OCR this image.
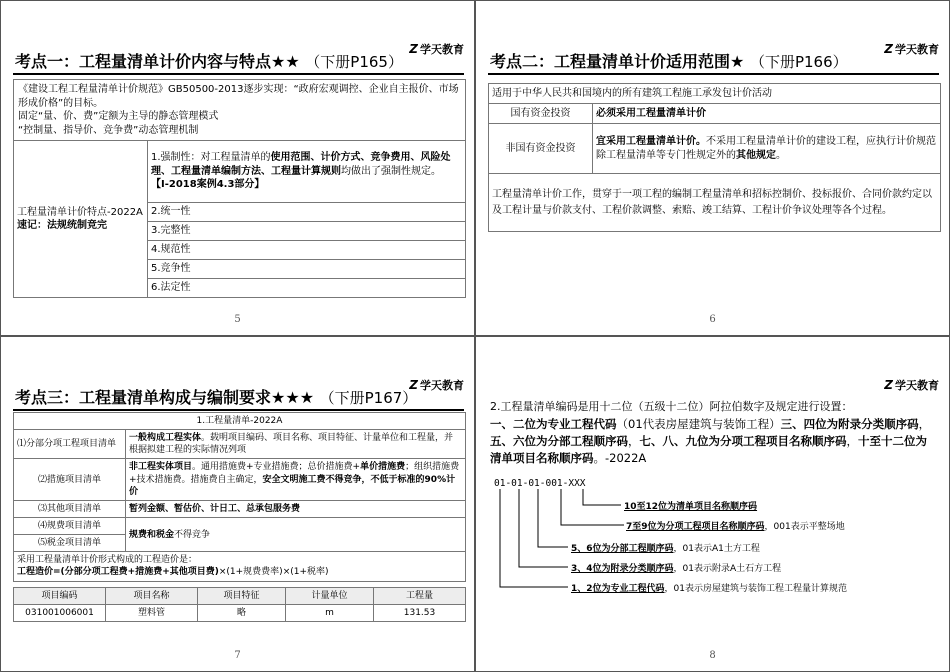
Z 学天教育
考点一：工程量清单计价内容与特点★★ （下册P165）
《建设工程工程量清单计价规范》GB50500-2013逐步实现：“政府宏观调控、企业自主报价、市场形成价格”的目标。
固定“量、价、费”定额为主导的静态管理模式
“控制量、指导价、竞争费”动态管理机制

工程量清单计价特点-2022A
速记：法规统制竞完
	1.强制性：对工程量清单的使用范围、计价方式、竞争费用、风险处理、工程量清单编制方法、工程量计算规则均做出了强制性规定。【Ⅰ-2018案例4.3部分】
2.统一性
3.完整性
4.规范性
5.竞争性
6.法定性
5
Z 学天教育
考点二：工程量清单计价适用范围★ （下册P166）
适用于中华人民共和国境内的所有建筑工程施工承发包计价活动	
国有资金投资	必须采用工程量清单计价
非国有资金投资	宜采用工程量清单计价。不采用工程量清单计价的建设工程，应执行计价规范除工程量清单等专门性规定外的其他规定。
工程量清单计价工作，贯穿于一项工程的编制工程量清单和招标控制价、投标报价、合同价款约定以及工程计量与价款支付、工程价款调整、索赔、竣工结算、工程计价争议处理等各个过程。	
6
Z 学天教育
考点三：工程量清单构成与编制要求★★★ （下册P167）
1.工程量清单-2022A	
⑴分部分项工程项目清单	一般构成工程实体。载明项目编码、项目名称、项目特征、计量单位和工程量，并根据拟建工程的实际情况列项
⑵措施项目清单	非工程实体项目。通用措施费+专业措施费；总价措施费+单价措施费；组织措施费+技术措施费。措施费自主确定，安全文明施工费不得竞争，不低于标准的90%计价
⑶其他项目清单	暂列金额、暂估价、计日工、总承包服务费
⑷规费项目清单	规费和税金不得竞争
⑸税金项目清单	

采用工程量清单计价形式构成的工程造价是：
工程造价=(分部分项工程费+措施费+其他项目费)×(1+规费费率)×(1+税率)	
项目编码	项目名称	项目特征	计量单位	工程量
031001006001	塑料管	略	m	131.53
7
Z 学天教育
2.工程量清单编码是用十二位（五级十二位）阿拉伯数字及规定进行设置：
一、二位为专业工程代码（01代表房屋建筑与装饰工程）三、四位为附录分类顺序码，五、六位为分部工程顺序码，七、八、九位为分项工程项目名称顺序码，十至十二位为清单项目名称顺序码。-2022A
01-01-01-001-XXX
10至12位为清单项目名称顺序码
7至9位为分项工程项目名称顺序码，001表示平整场地
5、6位为分部工程顺序码，01表示A1土方工程
3、4位为附录分类顺序码，01表示附录A土石方工程
1、2位为专业工程代码，01表示房屋建筑与装饰工程工程量计算规范
8
